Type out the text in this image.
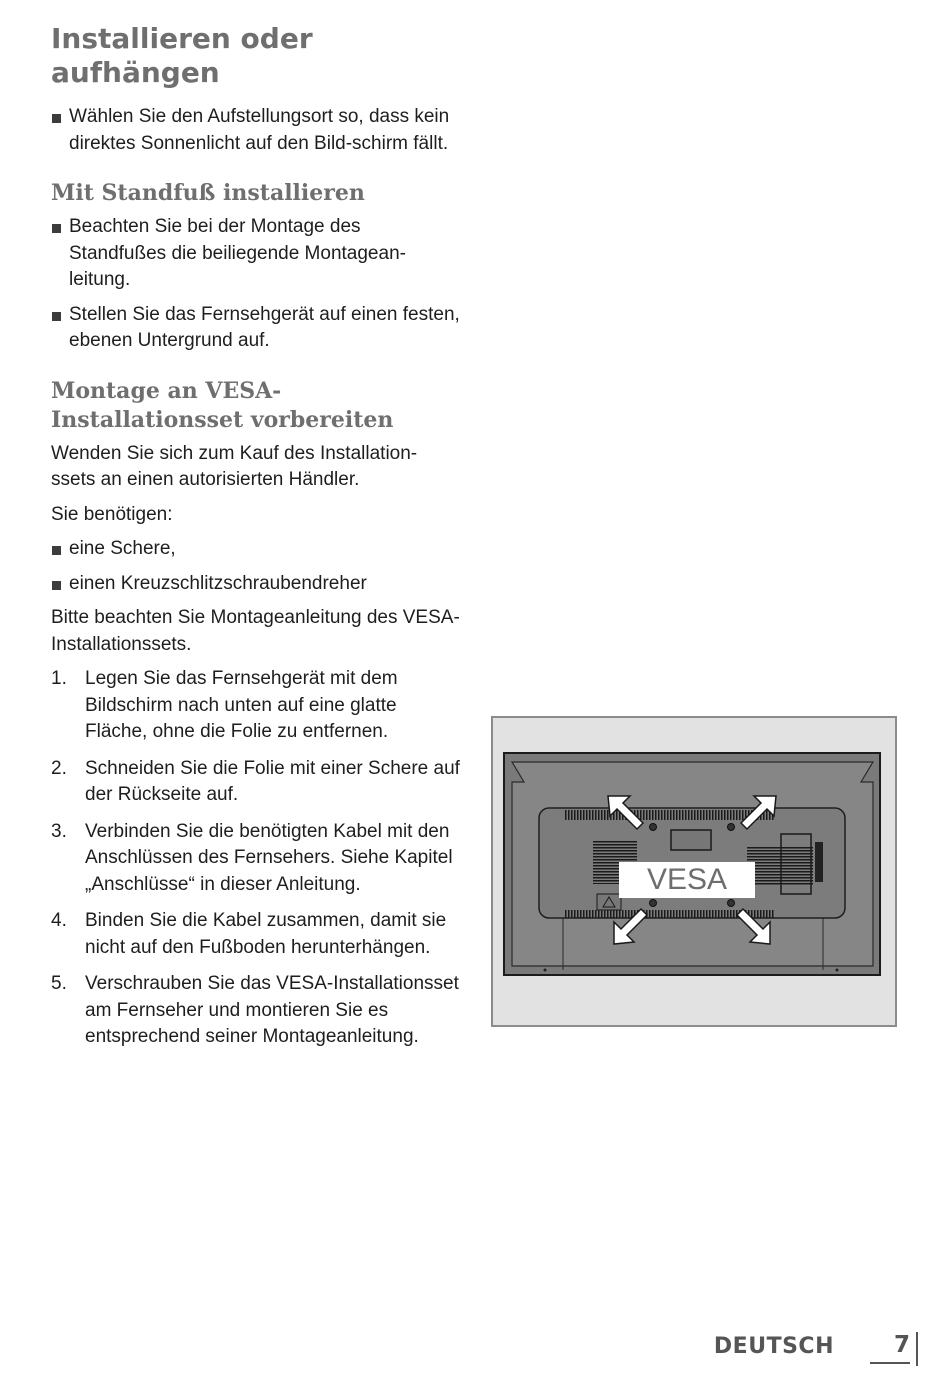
Installieren oder aufhängen
Wählen Sie den Aufstellungsort so, dass kein direktes Sonnenlicht auf den Bild-schirm fällt.
Mit Standfuß installieren
Beachten Sie bei der Montage des Standfußes die beiliegende Montagean-leitung.
Stellen Sie das Fernsehgerät auf einen festen, ebenen Untergrund auf.
Montage an VESA-Installationsset vorbereiten

Wenden Sie sich zum Kauf des Installation-ssets an einen autorisierten Händler.

Sie benötigen:

eine Schere,
einen Kreuzschlitzschraubendreher

Bitte beachten Sie Montageanleitung des VESA-Installationssets.

1. Legen Sie das Fernsehgerät mit dem Bildschirm nach unten auf eine glatte Fläche, ohne die Folie zu entfernen.
2. Schneiden Sie die Folie mit einer Schere auf der Rückseite auf.
3. Verbinden Sie die benötigten Kabel mit den Anschlüssen des Fernsehers. Siehe Kapitel „Anschlüsse“ in dieser Anleitung.
4. Binden Sie die Kabel zusammen, damit sie nicht auf den Fußboden herunterhängen.
5. Verschrauben Sie das VESA-Installationsset am Fernseher und montieren Sie es entsprechend seiner Montageanleitung.
VESA
DEUTSCH	7
